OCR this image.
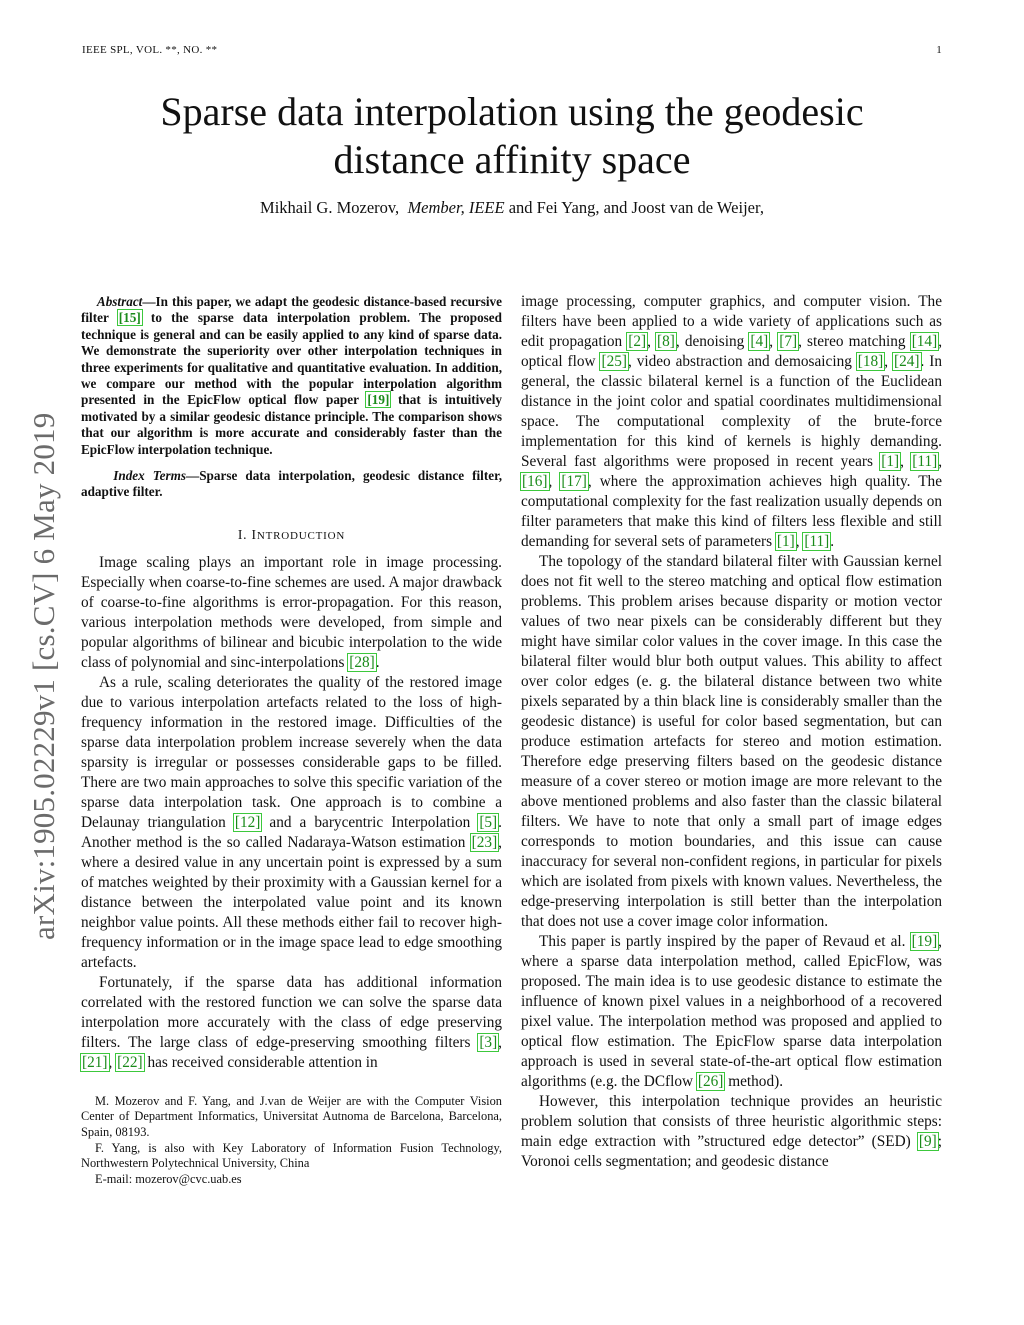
IEEE SPL, VOL. **, NO. **	1
Sparse data interpolation using the geodesic
distance affinity space
Mikhail G. Mozerov, Member, IEEE and Fei Yang, and Joost van de Weijer,
arXiv:1905.02229v1 [cs.CV] 6 May 2019

Abstract—In this paper, we adapt the geodesic distance-based recursive filter [15] to the sparse data interpolation problem. The proposed technique is general and can be easily applied to any kind of sparse data. We demonstrate the superiority over other interpolation techniques in three experiments for qualitative and quantitative evaluation. In addition, we compare our method with the popular interpolation algorithm presented in the EpicFlow optical flow paper [19] that is intuitively motivated by a similar geodesic distance principle. The comparison shows that our algorithm is more accurate and considerably faster than the EpicFlow interpolation technique.

Index Terms—Sparse data interpolation, geodesic distance filter, adaptive filter.

I. INTRODUCTION

Image scaling plays an important role in image processing. Especially when coarse-to-fine schemes are used. A major drawback of coarse-to-fine algorithms is error-propagation. For this reason, various interpolation methods were developed, from simple and popular algorithms of bilinear and bicubic interpolation to the wide class of polynomial and sinc-interpolations [28].

As a rule, scaling deteriorates the quality of the restored image due to various interpolation artefacts related to the loss of high-frequency information in the restored image. Difficulties of the sparse data interpolation problem increase severely when the data sparsity is irregular or possesses considerable gaps to be filled. There are two main approaches to solve this specific variation of the sparse data interpolation task. One approach is to combine a Delaunay triangulation [12] and a barycentric Interpolation [5]. Another method is the so called Nadaraya-Watson estimation [23], where a desired value in any uncertain point is expressed by a sum of matches weighted by their proximity with a Gaussian kernel for a distance between the interpolated value point and its known neighbor value points. All these methods either fail to recover high-frequency information or in the image space lead to edge smoothing artefacts.

Fortunately, if the sparse data has additional information correlated with the restored function we can solve the sparse data interpolation more accurately with the class of edge preserving filters. The large class of edge-preserving smoothing filters [3], [21], [22] has received considerable attention in

M. Mozerov and F. Yang, and J.van de Weijer are with the Computer Vision Center of Department Informatics, Universitat Autnoma de Barcelona, Barcelona, Spain, 08193.

F. Yang, is also with Key Laboratory of Information Fusion Technology, Northwestern Polytechnical University, China

E-mail: mozerov@cvc.uab.es

image processing, computer graphics, and computer vision. The filters have been applied to a wide variety of applications such as edit propagation [2], [8], denoising [4], [7], stereo matching [14], optical flow [25], video abstraction and demosaicing [18], [24]. In general, the classic bilateral kernel is a function of the Euclidean distance in the joint color and spatial coordinates multidimensional space. The computational complexity of the brute-force implementation for this kind of kernels is highly demanding. Several fast algorithms were proposed in recent years [1], [11], [16], [17], where the approximation achieves high quality. The computational complexity for the fast realization usually depends on filter parameters that make this kind of filters less flexible and still demanding for several sets of parameters [1], [11].

The topology of the standard bilateral filter with Gaussian kernel does not fit well to the stereo matching and optical flow estimation problems. This problem arises because disparity or motion vector values of two near pixels can be considerably different but they might have similar color values in the cover image. In this case the bilateral filter would blur both output values. This ability to affect over color edges (e. g. the bilateral distance between two white pixels separated by a thin black line is considerably smaller than the geodesic distance) is useful for color based segmentation, but can produce estimation artefacts for stereo and motion estimation. Therefore edge preserving filters based on the geodesic distance measure of a cover stereo or motion image are more relevant to the above mentioned problems and also faster than the classic bilateral filters. We have to note that only a small part of image edges corresponds to motion boundaries, and this issue can cause inaccuracy for several non-confident regions, in particular for pixels which are isolated from pixels with known values. Nevertheless, the edge-preserving interpolation is still better than the interpolation that does not use a cover image color information.

This paper is partly inspired by the paper of Revaud et al. [19], where a sparse data interpolation method, called EpicFlow, was proposed. The main idea is to use geodesic distance to estimate the influence of known pixel values in a neighborhood of a recovered pixel value. The interpolation method was proposed and applied to optical flow estimation. The EpicFlow sparse data interpolation approach is used in several state-of-the-art optical flow estimation algorithms (e.g. the DCflow [26] method).

However, this interpolation technique provides an heuristic problem solution that consists of three heuristic algorithmic steps: main edge extraction with ”structured edge detector” (SED) [9]; Voronoi cells segmentation; and geodesic distance
